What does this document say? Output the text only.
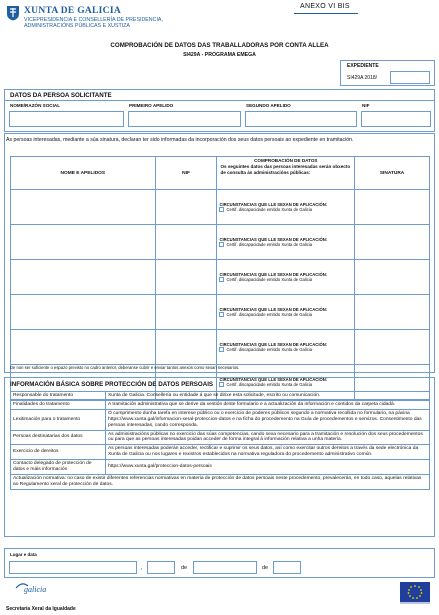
XUNTA DE GALICIA
VICEPRESIDENCIA E CONSELLERÍA DE PRESIDENCIA,
ADMINISTRACIÓNS PÚBLICAS E XUSTIZA
ANEXO VI BIS
COMPROBACIÓN DE DATOS DAS TRABALLADORAS POR CONTA ALLEA
SI429A - PROGRAMA EMEGA
EXPEDIENTE
SI429A 2018/
DATOS DA PERSOA SOLICITANTE
NOME/RAZÓN SOCIAL	PRIMEIRO APELIDO	SEGUNDO APELIDO	NIF
As persoas interesadas, mediante a súa sinatura, declaran ter sido informadas da incorporación dos seus datos persoais ao expediente en tramitación.
NOME E APELIDOS	NIF	COMPROBACIÓN DE DATOS
Os seguintes datos das persoas interesadas serán obxecto de consulta ás administracións públicas:	SINATURA

		CIRCUNSTANCIAS QUE LLE SEXAN DE APLICACIÓN:
Certif. discapacidade emitido Xunta de Galicia	

		CIRCUNSTANCIAS QUE LLE SEXAN DE APLICACIÓN:
Certif. discapacidade emitido Xunta de Galicia	

		CIRCUNSTANCIAS QUE LLE SEXAN DE APLICACIÓN:
Certif. discapacidade emitido Xunta de Galicia	

		CIRCUNSTANCIAS QUE LLE SEXAN DE APLICACIÓN:
Certif. discapacidade emitido Xunta de Galicia	

		CIRCUNSTANCIAS QUE LLE SEXAN DE APLICACIÓN:
Certif. discapacidade emitido Xunta de Galicia	

		CIRCUNSTANCIAS QUE LLE SEXAN DE APLICACIÓN:
Certif. discapacidade emitido Xunta de Galicia	

De non ser suficiente o espazo previsto no cadro anterior, deberanse cubrir e enviar tantos anexos como sexan necesarios.
INFORMACIÓN BÁSICA SOBRE PROTECCIÓN DE DATOS PERSOAIS
Responsable do tratamento	Xunta de Galicia. Consellería ou entidade á que se dirixe esta solicitude, escrito ou comunicación.
Finalidades do tratamento	A tramitación administrativa que se derive da xestión deste formulario e a actualización da información e contidos da carpeta cidadá.
Lexitimación para o tratamento	O cumprimento dunha tarefa en interese público ou o exercicio de poderes públicos segundo a normativa recollida no formulario, na páxina https://www.xunta.gal/informacion-xeral-proteccion-datos e na ficha do procedemento na Guía de procedementos e servizos. Consentimento das persoas interesadas, cando corresponda.
Persoas destinatarias dos datos	As administracións públicas no exercicio das súas competencias, cando sexa necesario para a tramitación e resolución dos seus procedementos ou para que as persoas interesadas poidan acceder de forma integral á información relativa a unha materia.
Exercicio de dereitos	As persoas interesadas poderán acceder, rectificar e suprimir os seus datos, así como exercitar outros dereitos a través da sede electrónica da Xunta de Galicia ou nos lugares e rexistros establecidos na normativa reguladora do procedemento administrativo común.
Contacto delegado de protección de datos e máis información	https://www.xunta.gal/proteccion-datos-persoais
Actualización normativa: no caso de existir diferentes referencias normativas en materia de protección de datos persoais neste procedemento, prevalecerán, en todo caso, aquelas relativas ao Regulamento xeral de protección de datos.	
Lugar e data
,	de	de
galicia
Secretaría Xeral da Igualdade
